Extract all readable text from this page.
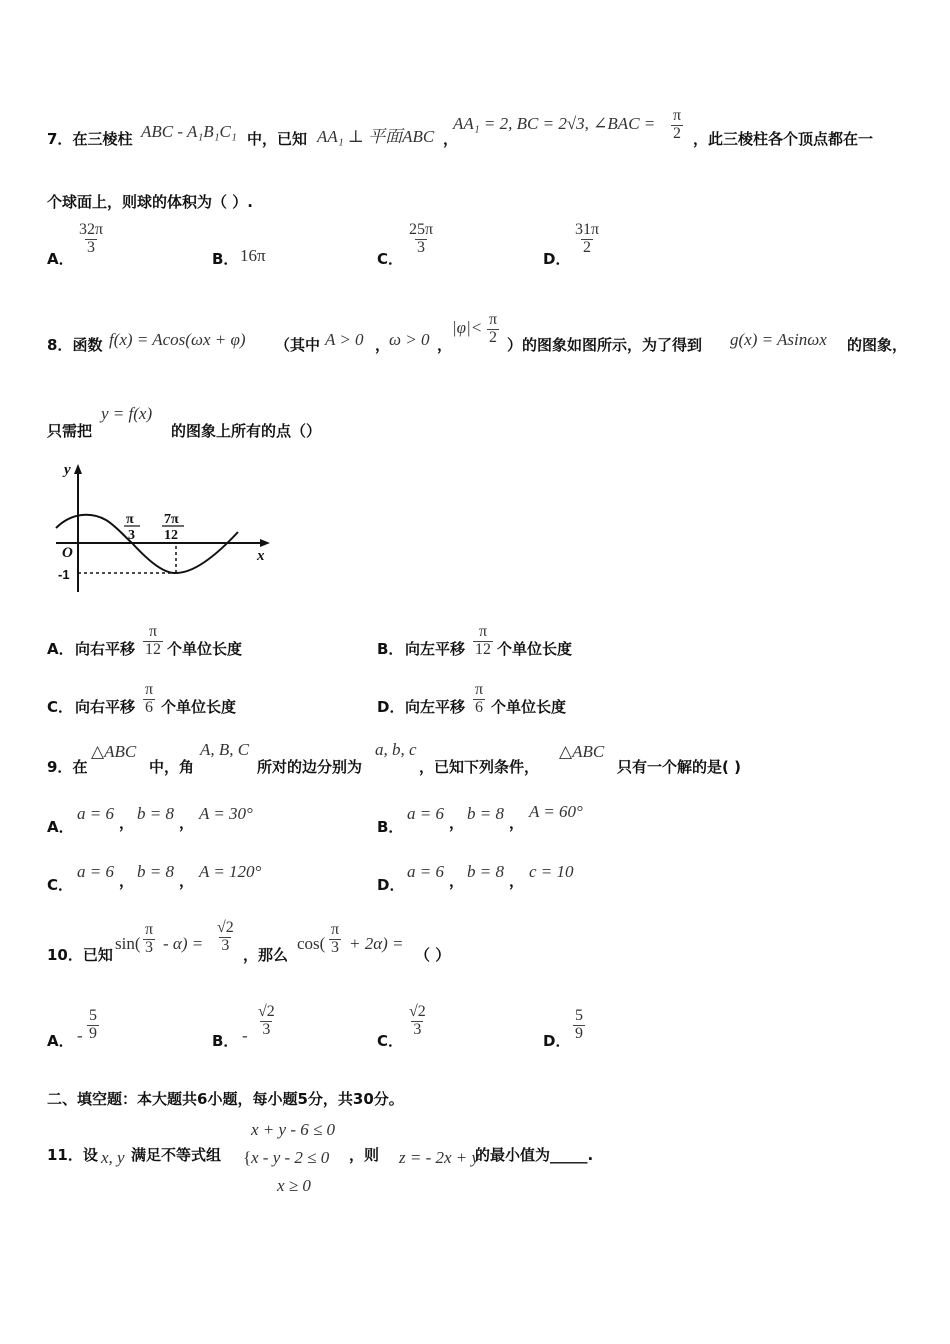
7．在三棱柱 ABC - A₁B₁C₁ 中，已知 AA₁ ⊥ 平面ABC ，
AA₁ = 2, BC = 2√3, ∠BAC = $\frac{\pi}{2}$ ，此三棱柱各个顶点都在一
个球面上，则球的体积为（ ）.
A．
$\frac{32\pi}{3}$
B． 16π	C．
$\frac{25\pi}{3}$
D．
$\frac{31\pi}{2}$
8．函数 f(x) = Acos(ωx + φ) （其中 A > 0 ，
ω > 0 ，
$|\varphi|< \frac{\pi}{2}$ ）的图象如图所示，为了得到 g(x) = Asinωx 的图象，
只需把
y = f(x)
的图象上所有的点（）
y
x
O
-1
π
3
7π
12
A． 向右平移 $\frac{\pi}{12}$ 个单位长度	B． 向左平移 $\frac{\pi}{12}$ 个单位长度
C． 向右平移 $\frac{\pi}{6}$ 个单位长度	D． 向左平移 $\frac{\pi}{6}$ 个单位长度
9．在
△ABC
中，角
A, B, C
所对的边分别为
a, b, c
，已知下列条件，
△ABC
只有一个解的是( )
A．
a = 6 ， b = 8 ， A = 30°
B．
a = 6 ， b = 8 ，
A = 60°
C．
a = 6 ， b = 8 ， A = 120°
D．
a = 6 ， b = 8 ， c = 10
10．已知
$\sin( \frac{\pi}{3} - \alpha) = \frac{√2}{3}$
，那么
$\cos( \frac{\pi}{3} + 2\alpha)$ =
（ ）
A． - $\frac{5}{9}$	B． - $\frac{√2}{3}$
C．
$\frac{√2}{3}$
D． $\frac{5}{9}$
二、填空题：本大题共6小题，每小题5分，共30分。
11．设 x, y 满足不等式组
x + y - 6 ≤ 0
{ x - y - 2 ≤ 0
x ≥ 0
，则 z = - 2x + y
的最小值为_____.
